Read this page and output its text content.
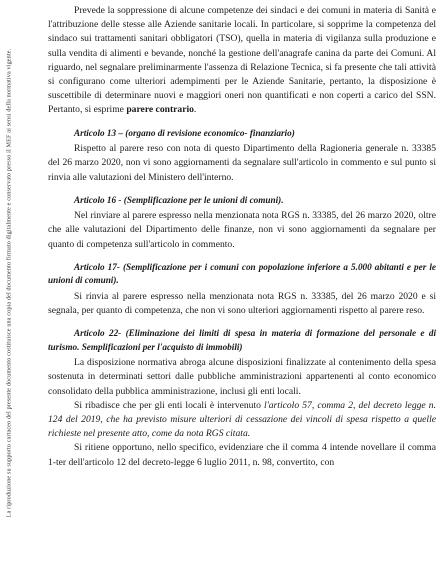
La riproduzione su supporto cartaceo del presente documento costituisce una copia del documento firmato digitalmente e conservato presso il MEF ai sensi della normativa vigente.

Prevede la soppressione di alcune competenze dei sindaci e dei comuni in materia di Sanità e l'attribuzione delle stesse alle Aziende sanitarie locali. In particolare, si sopprime la competenza del sindaco sui trattamenti sanitari obbligatori (TSO), quella in materia di vigilanza sulla produzione e sulla vendita di alimenti e bevande, nonché la gestione dell'anagrafe canina da parte dei Comuni. Al riguardo, nel segnalare preliminarmente l'assenza di Relazione Tecnica, si fa presente che tali attività si configurano come ulteriori adempimenti per le Aziende Sanitarie, pertanto, la disposizione è suscettibile di determinare nuovi e maggiori oneri non quantificati e non coperti a carico del SSN. Pertanto, si esprime parere contrario.

Articolo 13 – (organo di revisione economico- finanziario)

Rispetto al parere reso con nota di questo Dipartimento della Ragioneria generale n. 33385 del 26 marzo 2020, non vi sono aggiornamenti da segnalare sull'articolo in commento e sul punto si rinvia alle valutazioni del Ministero dell'interno.

Articolo 16 - (Semplificazione per le unioni di comuni).

Nel rinviare al parere espresso nella menzionata nota RGS n. 33385, del 26 marzo 2020, oltre che alle valutazioni del Dipartimento delle finanze, non vi sono aggiornamenti da segnalare per quanto di competenza sull'articolo in commento.

Articolo 17- (Semplificazione per i comuni con popolazione inferiore a 5.000 abitanti e per le unioni di comuni).

Si rinvia al parere espresso nella menzionata nota RGS n. 33385, del 26 marzo 2020 e si segnala, per quanto di competenza, che non vi sono ulteriori aggiornamenti rispetto al parere reso.

Articolo 22- (Eliminazione dei limiti di spesa in materia di formazione del personale e di turismo. Semplificazioni per l'acquisto di immobili)

La disposizione normativa abroga alcune disposizioni finalizzate al contenimento della spesa sostenuta in determinati settori dalle pubbliche amministrazioni appartenenti al conto economico consolidato della pubblica amministrazione, inclusi gli enti locali.

Si ribadisce che per gli enti locali è intervenuto l'articolo 57, comma 2, del decreto legge n. 124 del 2019, che ha previsto misure ulteriori di cessazione dei vincoli di spesa rispetto a quelle richieste nel presente atto, come da nota RGS citata.

Si ritiene opportuno, nello specifico, evidenziare che il comma 4 intende novellare il comma 1-ter dell'articolo 12 del decreto-legge 6 luglio 2011, n. 98, convertito, con
